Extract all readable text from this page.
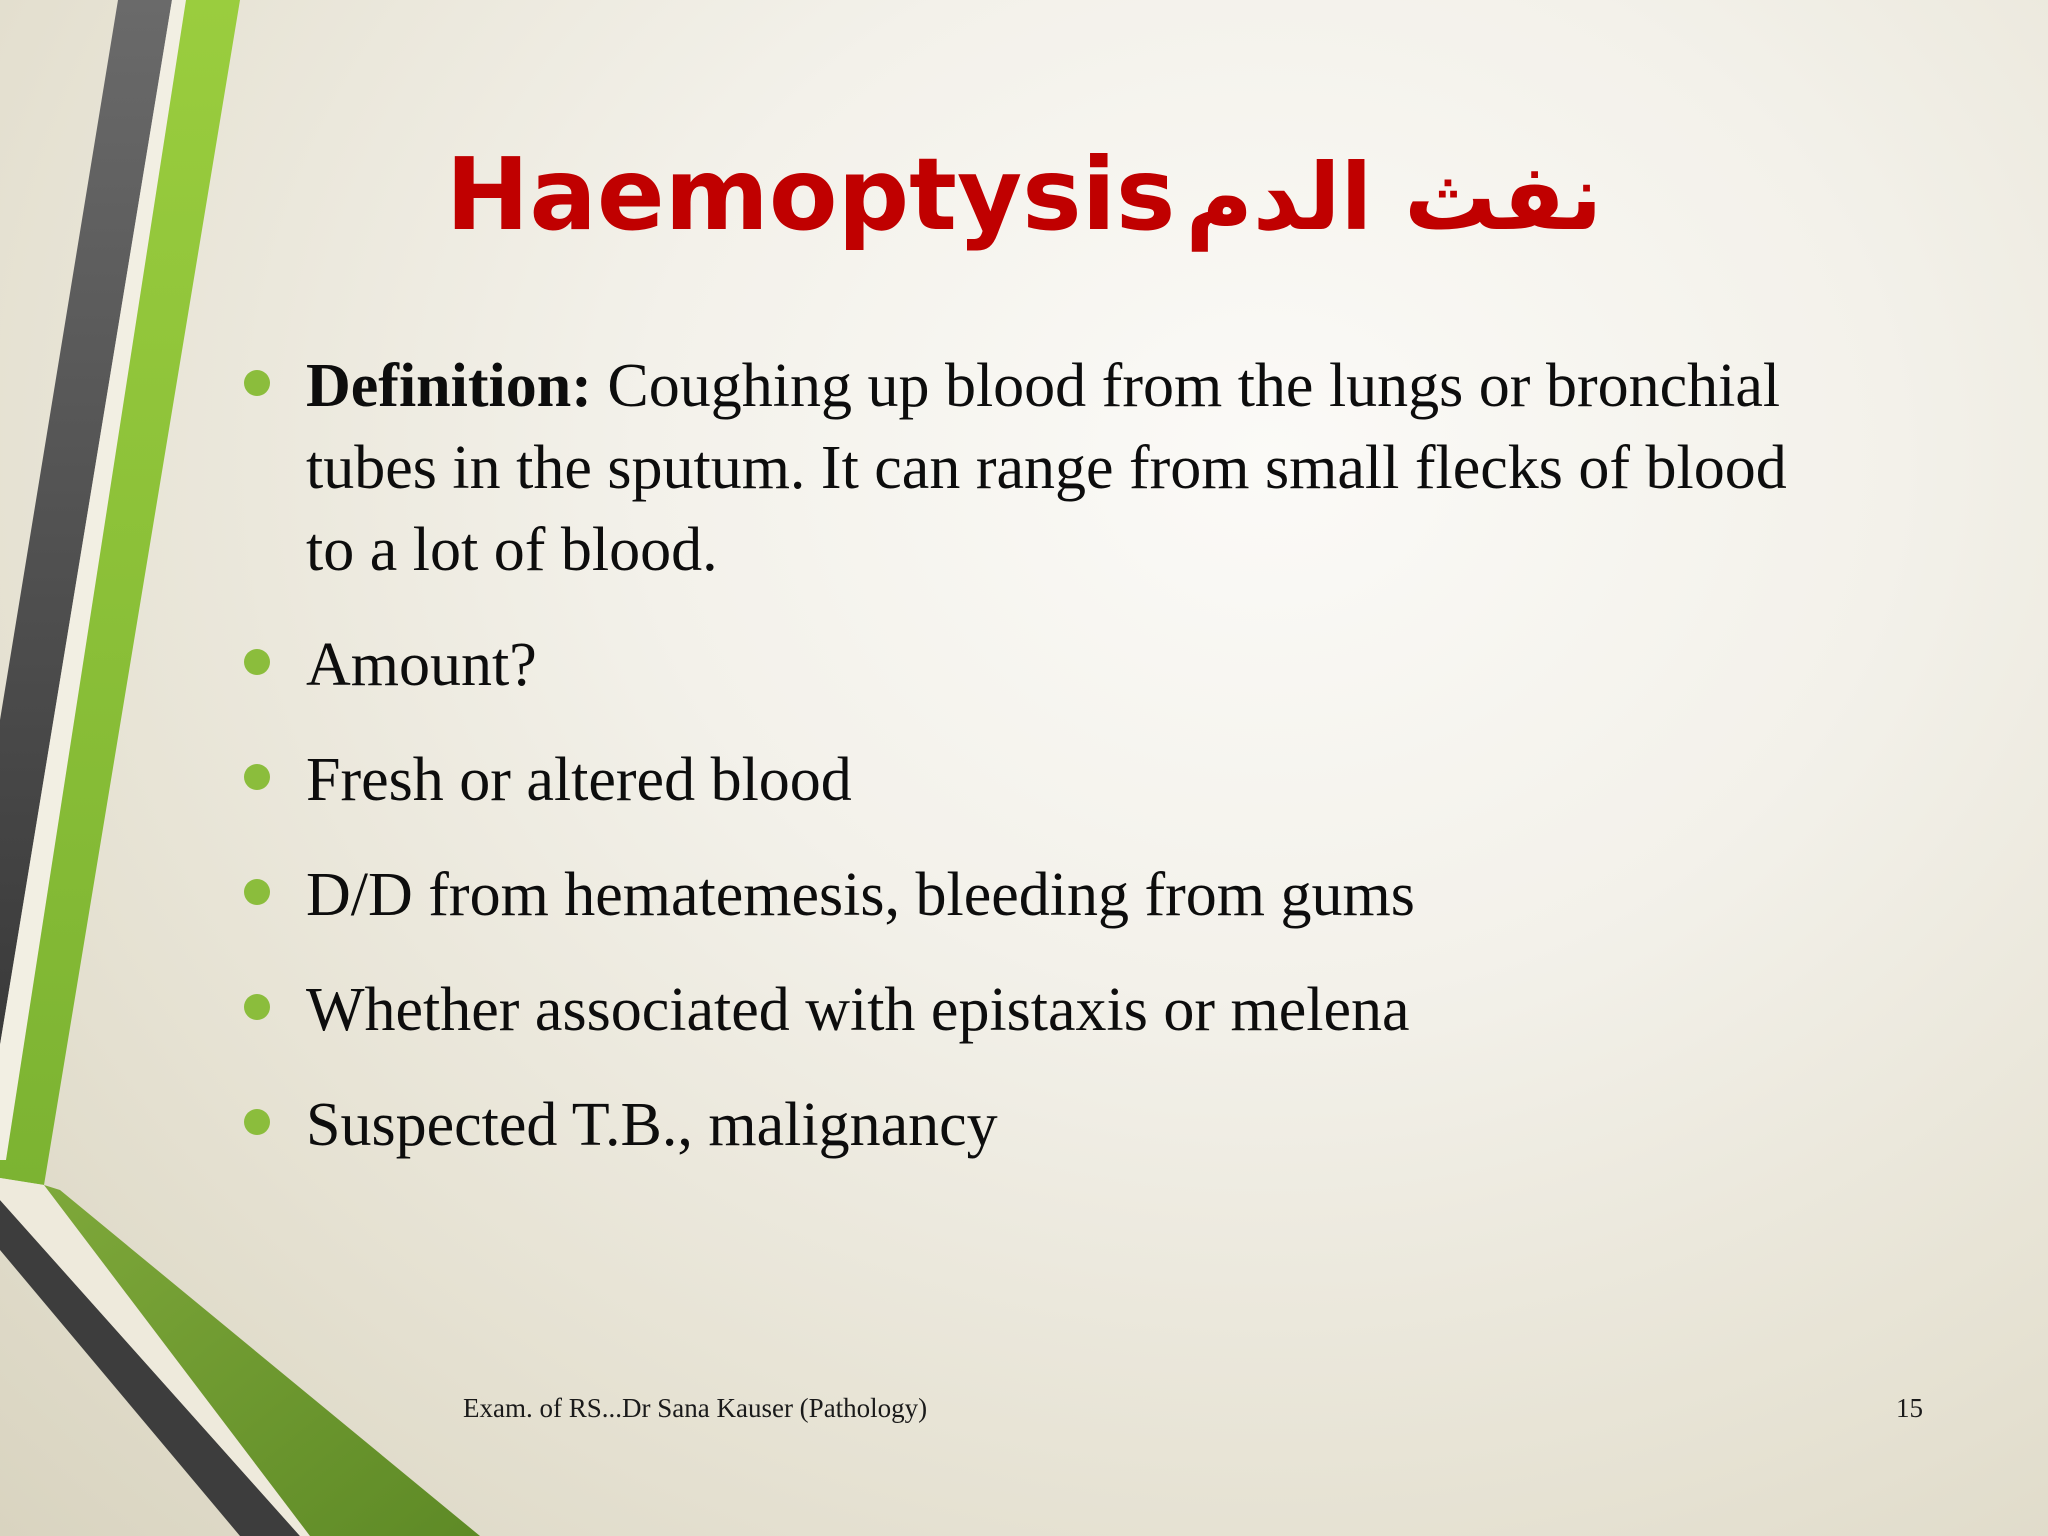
Haemoptysis نفث الدم
Definition: Coughing up blood from the lungs or bronchial tubes in the sputum. It can range from small flecks of blood to a lot of blood.
Amount?
Fresh or altered blood
D/D from hematemesis, bleeding from gums
Whether associated with epistaxis or melena
Suspected T.B., malignancy
Exam. of RS...Dr Sana Kauser (Pathology)	15
